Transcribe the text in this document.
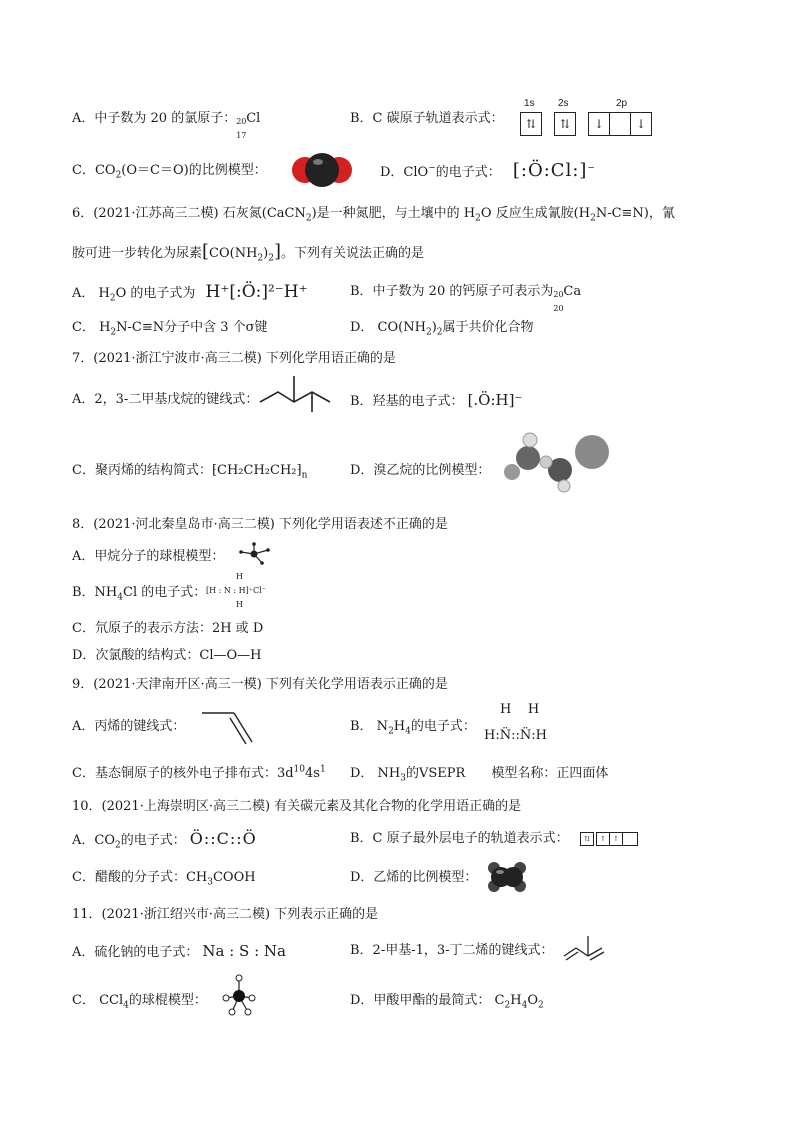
A．中子数为 20 的氯原子： 20
17
Cl	B．C 碳原子轨道表示式：
1s 2s	2p
⇅	⇅	↓	↓
C．$CO_2(O=C=O)$的比例模型：	D．ClO−的电子式： [:Ö:Cl:]−
6．(2021·江苏高三二模) 石灰氮(CaCN$_2$)是一种氮肥，与土壤中的 $H_2O$ 反应生成氰胺$(H_2N-C\equiv N)$，氰
胺可进一步转化为尿素$[CO(NH_2)_2]$。下列有关说法正确的是
A． $H_2O$ 的电子式为 H⁺[:Ö:]²⁻H⁺	B．中子数为 20 的钙原子可表示为 20
20
Ca
C． $H_2N-C\equiv N$分子中含 3 个σ键	D． $CO(NH_2)_2$属于共价化合物
7．(2021·浙江宁波市·高三二模) 下列化学用语正确的是
A．2，3-二甲基戊烷的键线式：	B．羟基的电子式： [.Ö:H]⁻
C．聚丙烯的结构简式：$⁅CH_2CH_2CH_2⁆_n$	D．溴乙烷的比例模型：
8．(2021·河北秦皇岛市·高三二模) 下列化学用语表述不正确的是
A．甲烷分子的球棍模型：
B．$NH_4Cl$ 的电子式：
H
[H : N : H]⁺Cl⁻
H
C．氘原子的表示方法：2H 或 D
D．次氯酸的结构式：Cl—O—H
9．(2021·天津南开区·高三一模) 下列有关化学用语表示正确的是
A．丙烯的键线式：	B． $N_2H_4$的电子式：
H    H
H:N̈::N̈:H
C．基态铜原子的核外电子排布式：$3d^{10}4s^1$ D． $NH_3$的VSEPR　　模型名称：正四面体
10．(2021·上海崇明区·高三二模) 有关碳元素及其化合物的化学用语正确的是
A．$CO_2$的电子式： Ö::C::Ö	B．C 原子最外层电子的轨道表示式：	⇅	↑	↑
C．醋酸的分子式：$CH_3COOH$	D．乙烯的比例模型：
11．(2021·浙江绍兴市·高三二模) 下列表示正确的是
A．硫化钠的电子式： Na : S : Na	B．2-甲基-1，3-丁二烯的键线式：
C． CCl$_4$的球棍模型：	D．甲酸甲酯的最简式： $C_2H_4O_2$
